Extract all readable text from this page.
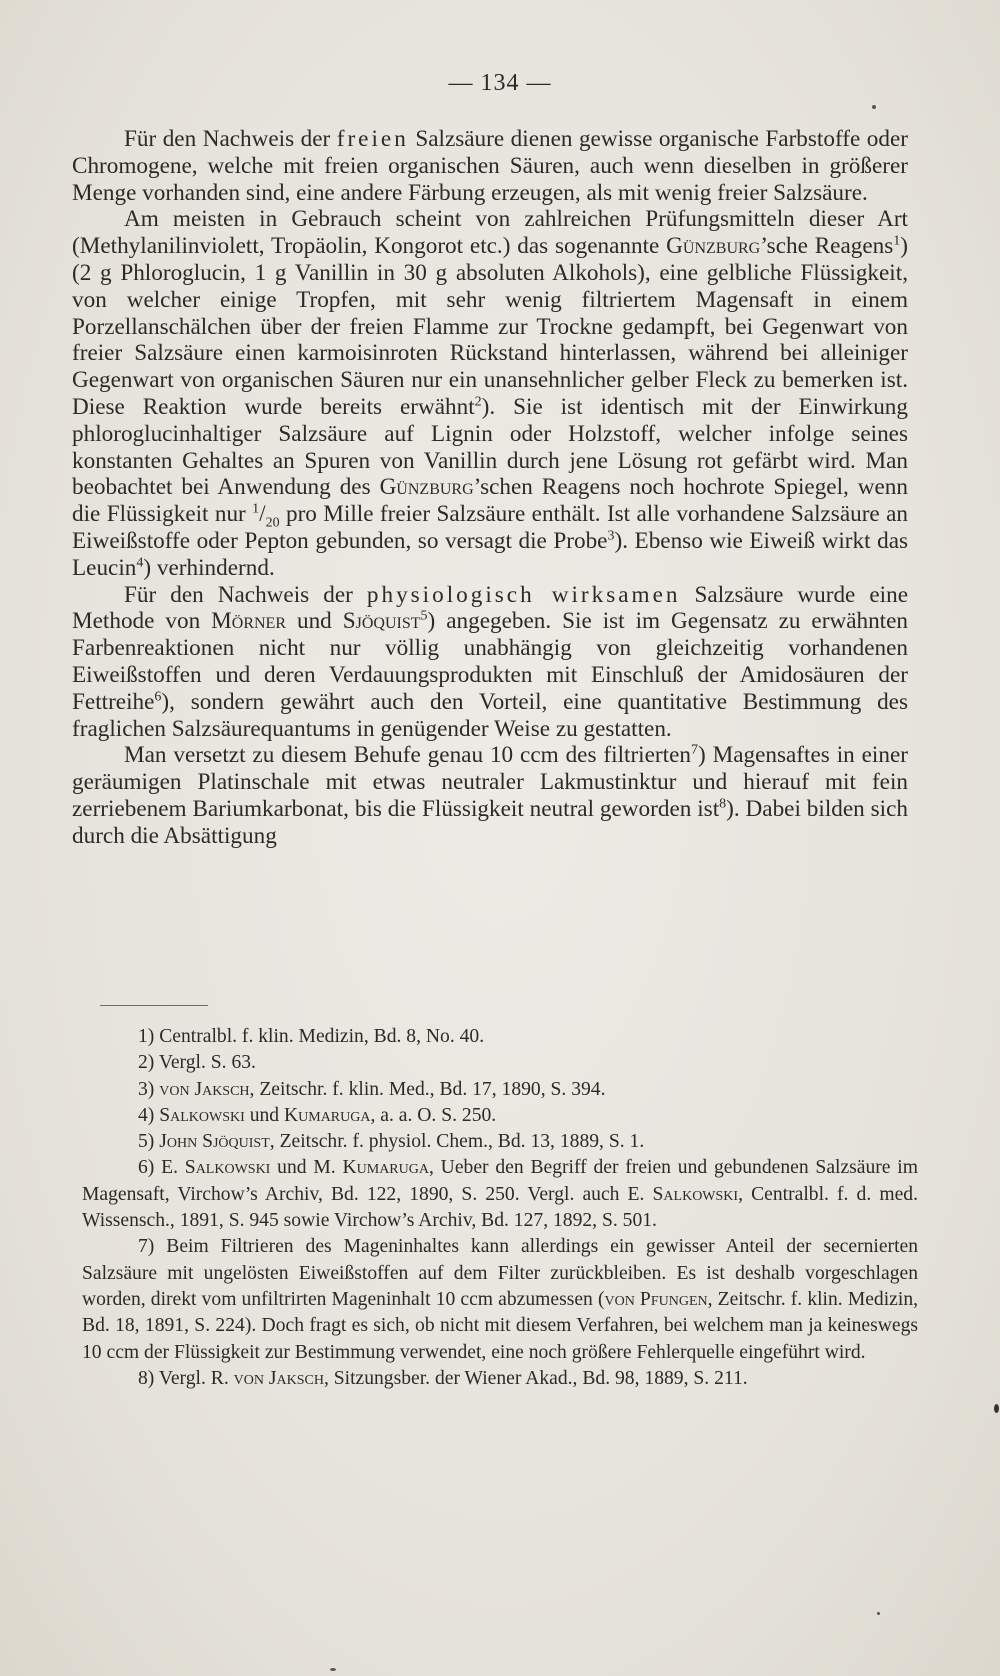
— 134 —

Für den Nachweis der freien Salzsäure dienen gewisse organische Farbstoffe oder Chromogene, welche mit freien organischen Säuren, auch wenn dieselben in größerer Menge vorhanden sind, eine andere Färbung erzeugen, als mit wenig freier Salzsäure.

Am meisten in Gebrauch scheint von zahlreichen Prüfungsmitteln dieser Art (Methylanilinviolett, Tropäolin, Kongorot etc.) das sogenannte Günzburg’sche Reagens$^1$) (2 g Phloroglucin, 1 g Vanillin in 30 g absoluten Alkohols), eine gelbliche Flüssigkeit, von welcher einige Tropfen, mit sehr wenig filtriertem Magensaft in einem Porzellanschälchen über der freien Flamme zur Trockne gedampft, bei Gegenwart von freier Salzsäure einen karmoisinroten Rückstand hinterlassen, während bei alleiniger Gegenwart von organischen Säuren nur ein unansehnlicher gelber Fleck zu bemerken ist. Diese Reaktion wurde bereits erwähnt$^2$). Sie ist identisch mit der Einwirkung phloroglucinhaltiger Salzsäure auf Lignin oder Holzstoff, welcher infolge seines konstanten Gehaltes an Spuren von Vanillin durch jene Lösung rot gefärbt wird. Man beobachtet bei Anwendung des Günzburg’schen Reagens noch hochrote Spiegel, wenn die Flüssigkeit nur $^1/_{20}$ pro Mille freier Salzsäure enthält. Ist alle vorhandene Salzsäure an Eiweißstoffe oder Pepton gebunden, so versagt die Probe$^3$). Ebenso wie Eiweiß wirkt das Leucin$^4$) verhindernd.

Für den Nachweis der physiologisch wirksamen Salzsäure wurde eine Methode von Mörner und Sjöquist$^5$) angegeben. Sie ist im Gegensatz zu erwähnten Farbenreaktionen nicht nur völlig unabhängig von gleichzeitig vorhandenen Eiweißstoffen und deren Verdauungsprodukten mit Einschluß der Amidosäuren der Fettreihe$^6$), sondern gewährt auch den Vorteil, eine quantitative Bestimmung des fraglichen Salzsäurequantums in genügender Weise zu gestatten.

Man versetzt zu diesem Behufe genau 10 ccm des filtrierten$^7$) Magensaftes in einer geräumigen Platinschale mit etwas neutraler Lakmustinktur und hierauf mit fein zerriebenem Bariumkarbonat, bis die Flüssigkeit neutral geworden ist$^8$). Dabei bilden sich durch die Absättigung

1) Centralbl. f. klin. Medizin, Bd. 8, No. 40.

2) Vergl. S. 63.

3) von Jaksch, Zeitschr. f. klin. Med., Bd. 17, 1890, S. 394.

4) Salkowski und Kumaruga, a. a. O. S. 250.

5) John Sjöquist, Zeitschr. f. physiol. Chem., Bd. 13, 1889, S. 1.

6) E. Salkowski und M. Kumaruga, Ueber den Begriff der freien und gebundenen Salzsäure im Magensaft, Virchow’s Archiv, Bd. 122, 1890, S. 250. Vergl. auch E. Salkowski, Centralbl. f. d. med. Wissensch., 1891, S. 945 sowie Virchow’s Archiv, Bd. 127, 1892, S. 501.

7) Beim Filtrieren des Mageninhaltes kann allerdings ein gewisser Anteil der secernierten Salzsäure mit ungelösten Eiweißstoffen auf dem Filter zurückbleiben. Es ist deshalb vorgeschlagen worden, direkt vom unfiltrirten Mageninhalt 10 ccm abzumessen (von Pfungen, Zeitschr. f. klin. Medizin, Bd. 18, 1891, S. 224). Doch fragt es sich, ob nicht mit diesem Verfahren, bei welchem man ja keineswegs 10 ccm der Flüssigkeit zur Bestimmung verwendet, eine noch größere Fehlerquelle eingeführt wird.

8) Vergl. R. von Jaksch, Sitzungsber. der Wiener Akad., Bd. 98, 1889, S. 211.
